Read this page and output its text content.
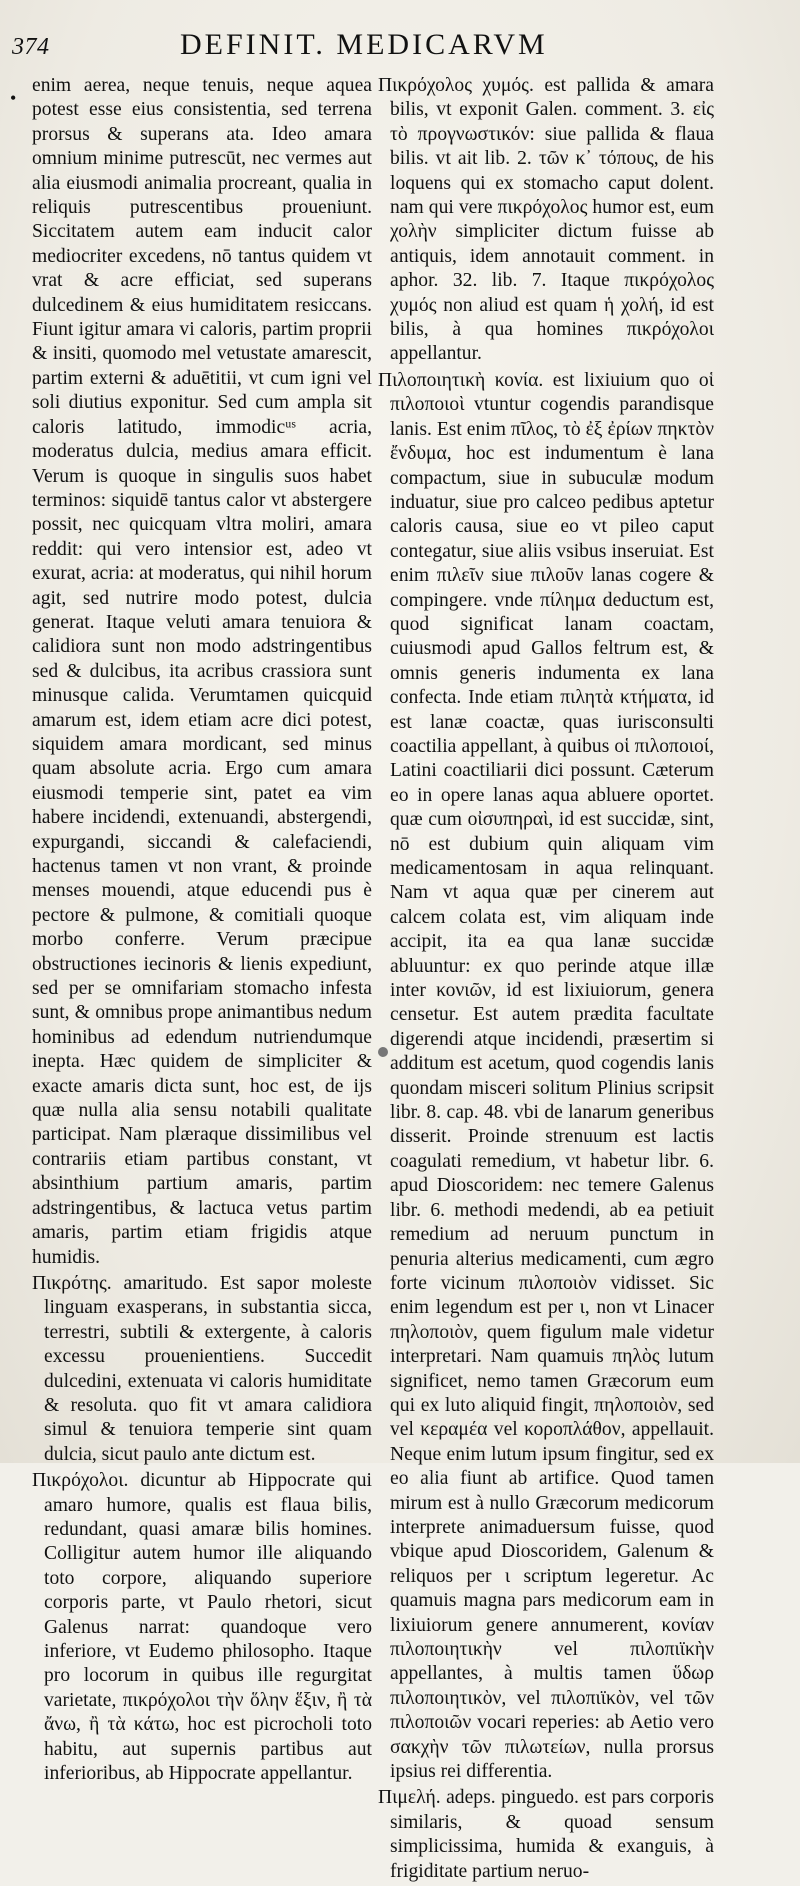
374	DEFINIT. MEDICARVM
•

enim aerea, neque tenuis, neque aquea potest esse eius consistentia, sed terrena prorsus & superans ata. Ideo amara omnium minime putrescūt, nec vermes aut alia eiusmodi animalia procreant, qualia in reliquis putrescentibus proueniunt. Siccitatem autem eam inducit calor mediocriter excedens, nō tantus quidem vt vrat & acre efficiat, sed superans dulcedinem & eius humiditatem resiccans. Fiunt igitur amara vi caloris, partim proprii & insiti, quomodo mel vetustate amarescit, partim externi & aduētitii, vt cum igni vel soli diutius exponitur. Sed cum ampla sit caloris latitudo, immodicᵘˢ acria, moderatus dulcia, medius amara efficit. Verum is quoque in singulis suos habet terminos: siquidē tantus calor vt abstergere possit, nec quicquam vltra moliri, amara reddit: qui vero intensior est, adeo vt exurat, acria: at moderatus, qui nihil horum agit, sed nutrire modo potest, dulcia generat. Itaque veluti amara tenuiora & calidiora sunt non modo adstringentibus sed & dulcibus, ita acribus crassiora sunt minusque calida. Verumtamen quicquid amarum est, idem etiam acre dici potest, siquidem amara mordicant, sed minus quam absolute acria. Ergo cum amara eiusmodi temperie sint, patet ea vim habere incidendi, extenuandi, abstergendi, expurgandi, siccandi & calefaciendi, hactenus tamen vt non vrant, & proinde menses mouendi, atque educendi pus è pectore & pulmone, & comitiali quoque morbo conferre. Verum præcipue obstructiones iecinoris & lienis expediunt, sed per se omnifariam stomacho infesta sunt, & omnibus prope animantibus nedum hominibus ad edendum nutriendumque inepta. Hæc quidem de simpliciter & exacte amaris dicta sunt, hoc est, de ijs quæ nulla alia sensu notabili qualitate participat. Nam plæraque dissimilibus vel contrariis etiam partibus constant, vt absinthium partium amaris, partim adstringentibus, & lactuca vetus partim amaris, partim etiam frigidis atque humidis.

Πικρότης. amaritudo. Est sapor moleste linguam exasperans, in substantia sicca, terrestri, subtili & extergente, à caloris excessu prouenientiens. Succedit dulcedini, extenuata vi caloris humiditate & resoluta. quo fit vt amara calidiora simul & tenuiora temperie sint quam dulcia, sicut paulo ante dictum est.

Πικρόχολοι. dicuntur ab Hippocrate qui amaro humore, qualis est flaua bilis, redundant, quasi amaræ bilis homines. Colligitur autem humor ille aliquando toto corpore, aliquando superiore corporis parte, vt Paulo rhetori, sicut Galenus narrat: quandoque vero inferiore, vt Eudemo philosopho. Itaque pro locorum in quibus ille regurgitat varietate, πικρόχολοι τὴν ὅλην ἕξιν, ἢ τὰ ἄνω, ἢ τὰ κάτω, hoc est picrocholi toto habitu, aut supernis partibus aut inferioribus, ab Hippocrate appellantur.

Πικρόχολος χυμός. est pallida & amara bilis, vt exponit Galen. comment. 3. εἰς τὸ προγνωστικόν: siue pallida & flaua bilis. vt ait lib. 2. τῶν κ᾽ τόπους, de his loquens qui ex stomacho caput dolent. nam qui vere πικρόχολος humor est, eum χολὴν simpliciter dictum fuisse ab antiquis, idem annotauit comment. in aphor. 32. lib. 7. Itaque πικρόχολος χυμός non aliud est quam ἡ χολή, id est bilis, à qua homines πικρόχολοι appellantur.

Πιλοποιητικὴ κονία. est lixiuium quo οἱ πιλοποιοὶ vtuntur cogendis parandisque lanis. Est enim πῖλος, τὸ ἐξ ἐρίων πηκτὸν ἔνδυμα, hoc est indumentum è lana compactum, siue in subuculæ modum induatur, siue pro calceo pedibus aptetur caloris causa, siue eo vt pileo caput contegatur, siue aliis vsibus inseruiat. Est enim πιλεῖν siue πιλοῦν lanas cogere & compingere. vnde πίλημα deductum est, quod significat lanam coactam, cuiusmodi apud Gallos feltrum est, & omnis generis indumenta ex lana confecta. Inde etiam πιλητὰ κτήματα, id est lanæ coactæ, quas iurisconsulti coactilia appellant, à quibus οἱ πιλοποιοί, Latini coactiliarii dici possunt. Cæterum eo in opere lanas aqua abluere oportet. quæ cum οἰσυπηραὶ, id est succidæ, sint, nō est dubium quin aliquam vim medicamentosam in aqua relinquant. Nam vt aqua quæ per cinerem aut calcem colata est, vim aliquam inde accipit, ita ea qua lanæ succidæ abluuntur: ex quo perinde atque illæ inter κονιῶν, id est lixiuiorum, genera censetur. Est autem prædita facultate digerendi atque incidendi, præsertim si additum est acetum, quod cogendis lanis quondam misceri solitum Plinius scripsit libr. 8. cap. 48. vbi de lanarum generibus disserit. Proinde strenuum est lactis coagulati remedium, vt habetur libr. 6. apud Dioscoridem: nec temere Galenus libr. 6. methodi medendi, ab ea petiuit remedium ad neruum punctum in penuria alterius medicamenti, cum ægro forte vicinum πιλοποιὸν vidisset. Sic enim legendum est per ι, non vt Linacer πηλοποιὸν, quem figulum male videtur interpretari. Nam quamuis πηλὸς lutum significet, nemo tamen Græcorum eum qui ex luto aliquid fingit, πηλοποιὸν, sed vel κεραμέα vel κοροπλάθον, appellauit. Neque enim lutum ipsum fingitur, sed ex eo alia fiunt ab artifice. Quod tamen mirum est à nullo Græcorum medicorum interprete animaduersum fuisse, quod vbique apud Dioscoridem, Galenum & reliquos per ι scriptum legeretur. Ac quamuis magna pars medicorum eam in lixiuiorum genere annumerent, κονίαν πιλοποιητικὴν vel πιλοπιϊκὴν appellantes, à multis tamen ὕδωρ πιλοποιητικὸν, vel πιλοπιϊκὸν, vel τῶν πιλοποιῶν vocari reperies: ab Aetio vero σακχὴν τῶν πιλωτείων, nulla prorsus ipsius rei differentia.

Πιμελή. adeps. pinguedo. est pars corporis similaris, & quoad sensum simplicissima, humida & exanguis, à frigiditate partium neruo-
